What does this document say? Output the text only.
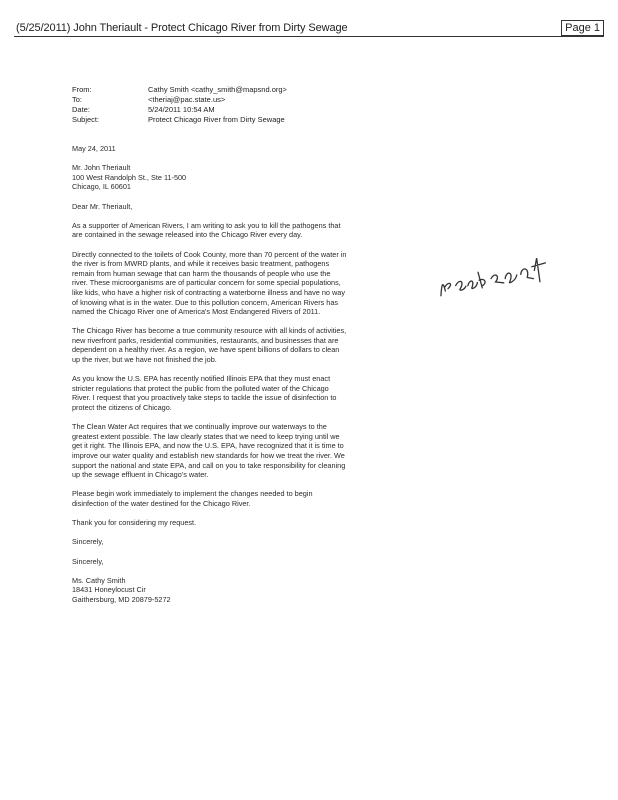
(5/25/2011) John Theriault - Protect Chicago River from Dirty Sewage	Page 1
From:	Cathy Smith <cathy_smith@mapsnd.org>
To:	<theriaj@pac.state.us>
Date:	5/24/2011 10:54 AM
Subject:	Protect Chicago River from Dirty Sewage

May 24, 2011

Mr. John Theriault
100 West Randolph St., Ste 11-500
Chicago, IL 60601

Dear Mr. Theriault,

As a supporter of American Rivers, I am writing to ask you to kill the pathogens that are contained in the sewage released into the Chicago River every day.

Directly connected to the toilets of Cook County, more than 70 percent of the water in the river is from MWRD plants, and while it receives basic treatment, pathogens remain from human sewage that can harm the thousands of people who use the river. These microorganisms are of particular concern for some special populations, like kids, who have a higher risk of contracting a waterborne illness and have no way of knowing what is in the water. Due to this pollution concern, American Rivers has named the Chicago River one of America's Most Endangered Rivers of 2011.

The Chicago River has become a true community resource with all kinds of activities, new riverfront parks, residential communities, restaurants, and businesses that are dependent on a healthy river. As a region, we have spent billions of dollars to clean up the river, but we have not finished the job.

As you know the U.S. EPA has recently notified Illinois EPA that they must enact stricter regulations that protect the public from the polluted water of the Chicago River. I request that you proactively take steps to tackle the issue of disinfection to protect the citizens of Chicago.

The Clean Water Act requires that we continually improve our waterways to the greatest extent possible. The law clearly states that we need to keep trying until we get it right. The Illinois EPA, and now the U.S. EPA, have recognized that it is time to improve our water quality and establish new standards for how we treat the river. We support the national and state EPA, and call on you to take responsibility for cleaning up the sewage effluent in Chicago's water.

Please begin work immediately to implement the changes needed to begin disinfection of the water destined for the Chicago River.

Thank you for considering my request.

Sincerely,

Sincerely,

Ms. Cathy Smith
18431 Honeylocust Cir
Gaithersburg, MD 20879-5272
